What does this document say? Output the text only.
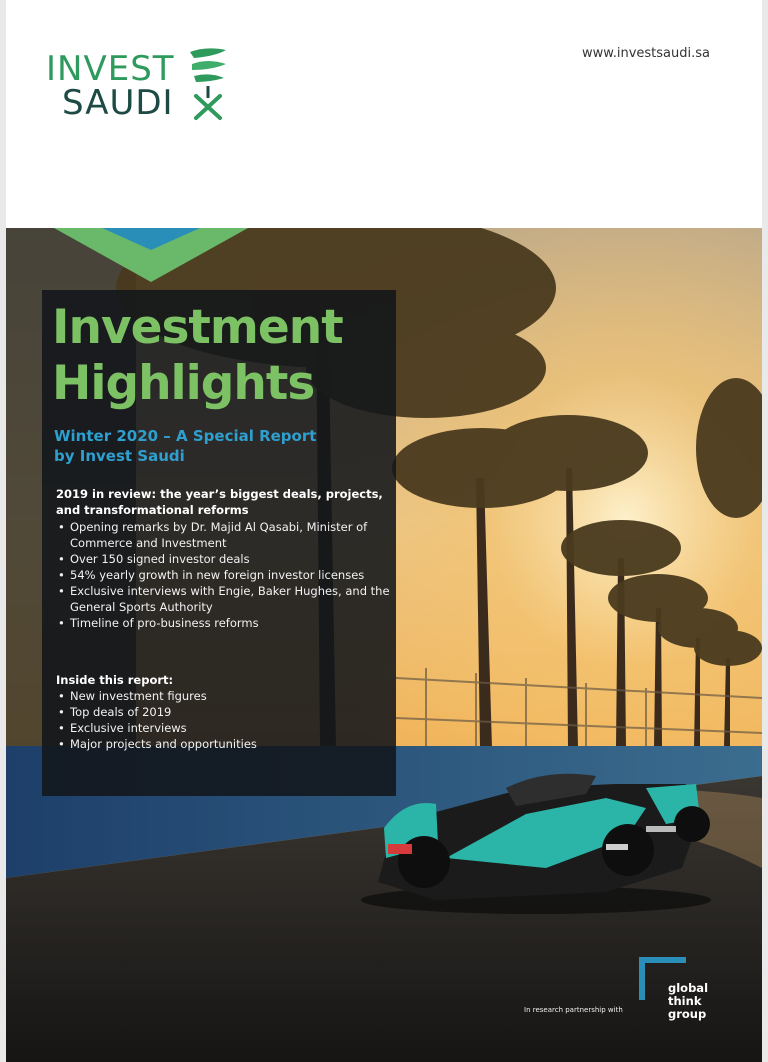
INVEST
SAUDI
www.investsaudi.sa
Investment
Highlights

Winter 2020 – A Special Report
by Invest Saudi

2019 in review: the year’s biggest deals, projects,
and transformational reforms

• Opening remarks by Dr. Majid Al Qasabi, Minister of Commerce and Investment
• Over 150 signed investor deals
• 54% yearly growth in new foreign investor licenses
• Exclusive interviews with Engie, Baker Hughes, and the General Sports Authority
• Timeline of pro-business reforms

Inside this report:

• New investment figures
• Top deals of 2019
• Exclusive interviews
• Major projects and opportunities
In research partnership with
global
think
group
